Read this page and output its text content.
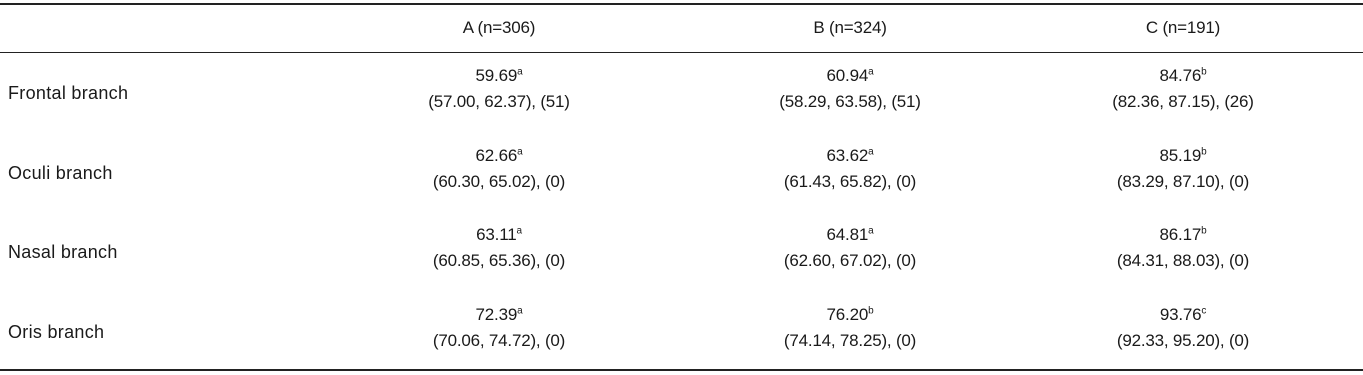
A (n=306)	B (n=324)	C (n=191)
Frontal branch
59.69$^a$
(57.00, 62.37), (51)
60.94$^a$
(58.29, 63.58), (51)
84.76$^b$
(82.36, 87.15), (26)
Oculi branch
62.66$^a$
(60.30, 65.02), (0)
63.62$^a$
(61.43, 65.82), (0)
85.19$^b$
(83.29, 87.10), (0)
Nasal branch
63.11$^a$
(60.85, 65.36), (0)
64.81$^a$
(62.60, 67.02), (0)
86.17$^b$
(84.31, 88.03), (0)
Oris branch
72.39$^a$
(70.06, 74.72), (0)
76.20$^b$
(74.14, 78.25), (0)
93.76$^c$
(92.33, 95.20), (0)
